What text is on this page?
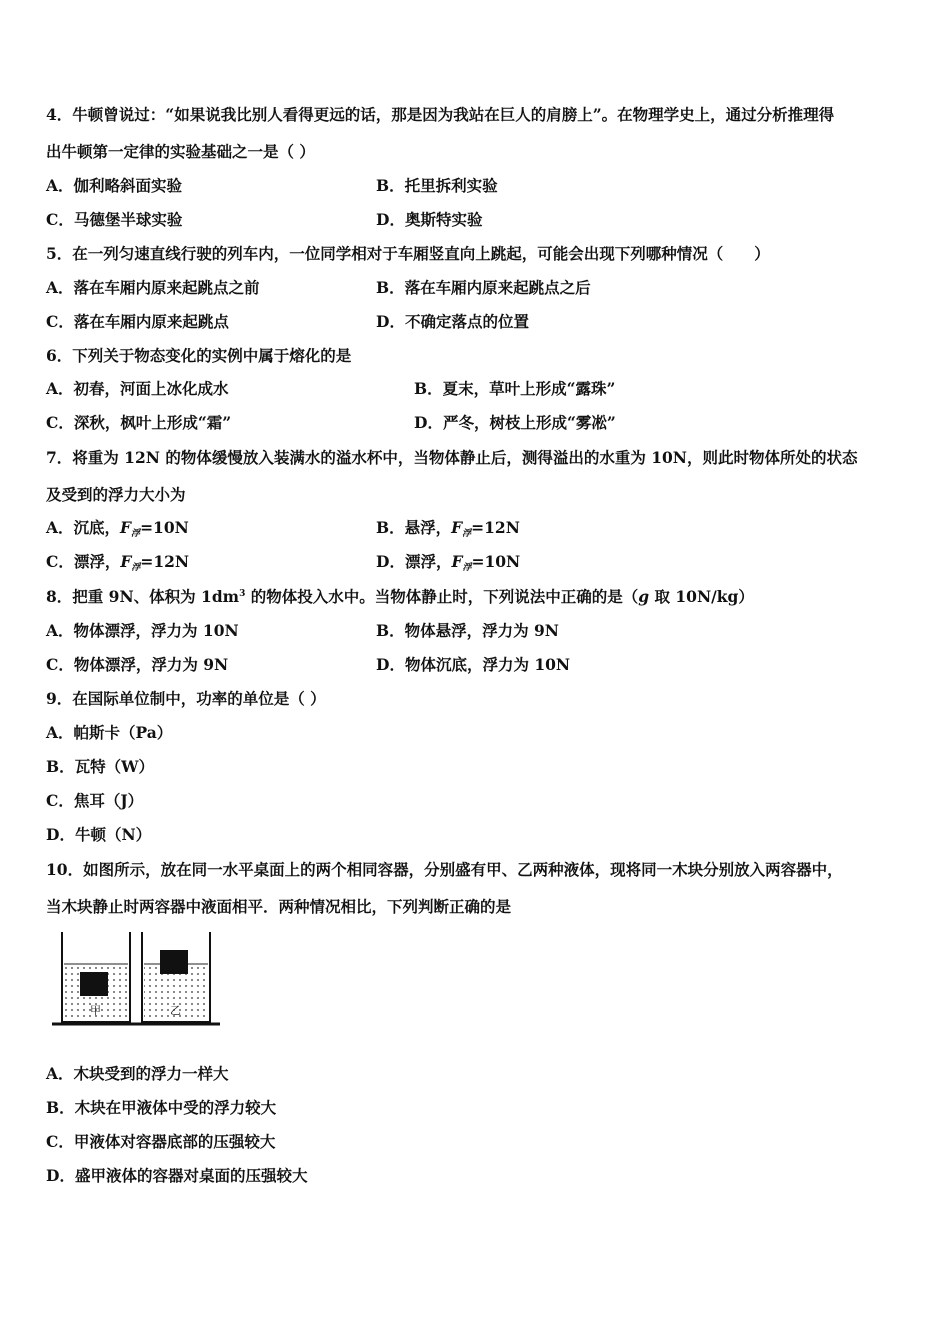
4．牛顿曾说过：“如果说我比别人看得更远的话，那是因为我站在巨人的肩膀上”。在物理学史上，通过分析推理得
出牛顿第一定律的实验基础之一是（ ）
A．伽利略斜面实验	B．托里拆利实验
C．马德堡半球实验	D．奥斯特实验
5．在一列匀速直线行驶的列车内，一位同学相对于车厢竖直向上跳起，可能会出现下列哪种情况（　　）
A．落在车厢内原来起跳点之前	B．落在车厢内原来起跳点之后
C．落在车厢内原来起跳点	D．不确定落点的位置
6．下列关于物态变化的实例中属于熔化的是
A．初春，河面上冰化成水	B．夏末，草叶上形成“露珠”
C．深秋，枫叶上形成“霜”	D．严冬，树枝上形成“雾凇”
7．将重为 12N 的物体缓慢放入装满水的溢水杯中，当物体静止后，测得溢出的水重为 10N，则此时物体所处的状态
及受到的浮力大小为
A．沉底，F浮=10N	B．悬浮，F浮=12N
C．漂浮，F浮=12N	D．漂浮，F浮=10N
8．把重 9N、体积为 $1dm^3$ 的物体投入水中。当物体静止时，下列说法中正确的是（g 取 10N/kg）
A．物体漂浮，浮力为 10N	B．物体悬浮，浮力为 9N
C．物体漂浮，浮力为 9N	D．物体沉底，浮力为 10N
9．在国际单位制中，功率的单位是（ ）
A．帕斯卡（Pa）
B．瓦特（W）
C．焦耳（J）
D．牛顿（N）
10．如图所示，放在同一水平桌面上的两个相同容器，分别盛有甲、乙两种液体，现将同一木块分别放入两容器中，
当木块静止时两容器中液面相平．两种情况相比，下列判断正确的是
甲	乙
A．木块受到的浮力一样大
B．木块在甲液体中受的浮力较大
C．甲液体对容器底部的压强较大
D．盛甲液体的容器对桌面的压强较大
